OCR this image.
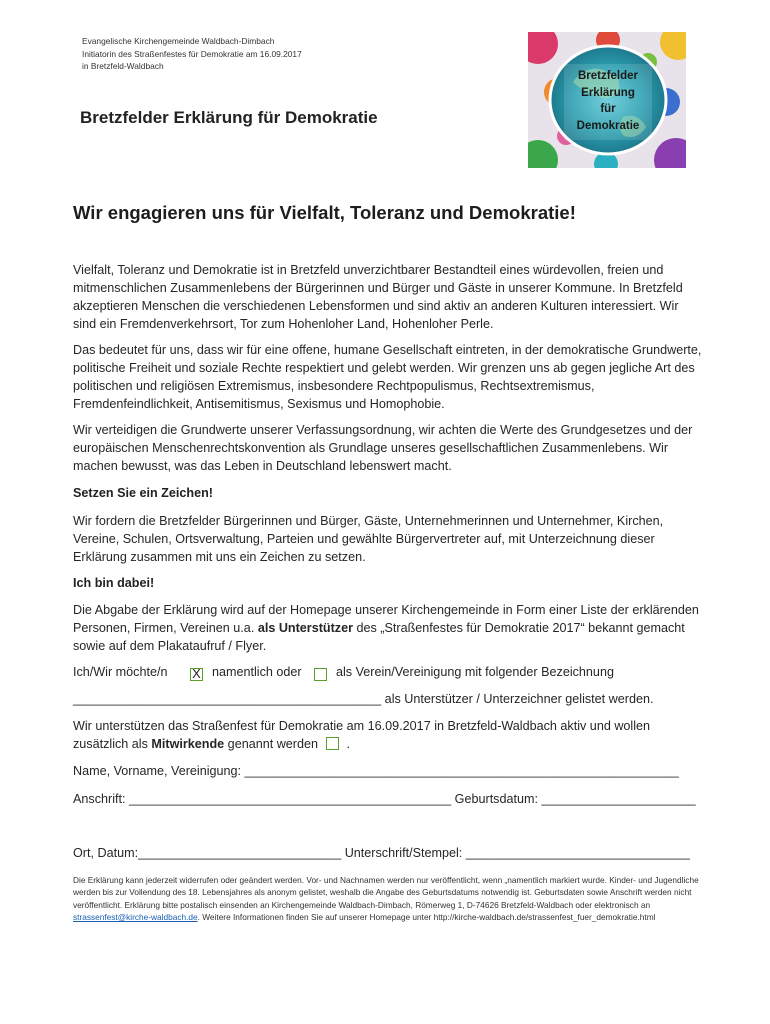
Evangelische Kirchengemeinde Waldbach-Dimbach
Initiatorin des Straßenfestes für Demokratie am 16.09.2017
in Bretzfeld-Waldbach
Bretzfelder Erklärung für Demokratie
Bretzfelder
Erklärung
für
Demokratie
Wir engagieren uns für Vielfalt, Toleranz und Demokratie!
Vielfalt, Toleranz und Demokratie ist in Bretzfeld unverzichtbarer Bestandteil eines würdevollen, freien und mitmenschlichen Zusammenlebens der Bürgerinnen und Bürger und Gäste in unserer Kommune. In Bretzfeld akzeptieren Menschen die verschiedenen Lebensformen und sind aktiv an anderen Kulturen interessiert. Wir sind ein Fremdenverkehrsort, Tor zum Hohenloher Land, Hohenloher Perle.
Das bedeutet für uns, dass wir für eine offene, humane Gesellschaft eintreten, in der demokratische Grundwerte, politische Freiheit und soziale Rechte respektiert und gelebt werden. Wir grenzen uns ab gegen jegliche Art des politischen und religiösen Extremismus, insbesondere Rechtpopulismus, Rechtsextremismus, Fremdenfeindlichkeit, Antisemitismus, Sexismus und Homophobie.
Wir verteidigen die Grundwerte unserer Verfassungsordnung, wir achten die Werte des Grundgesetzes und der europäischen Menschenrechtskonvention als Grundlage unseres gesellschaftlichen Zusammenlebens. Wir machen bewusst, was das Leben in Deutschland lebenswert macht.
Setzen Sie ein Zeichen!
Wir fordern die Bretzfelder Bürgerinnen und Bürger, Gäste, Unternehmerinnen und Unternehmer, Kirchen, Vereine, Schulen, Ortsverwaltung, Parteien und gewählte Bürgervertreter auf, mit Unterzeichnung dieser Erklärung zusammen mit uns ein Zeichen zu setzen.
Ich bin dabei!
Die Abgabe der Erklärung wird auf der Homepage unserer Kirchengemeinde in Form einer Liste der erklärenden Personen, Firmen, Vereinen u.a. als Unterstützer des „Straßenfestes für Demokratie 2017“ bekannt gemacht sowie auf dem Plakataufruf / Flyer.
Ich/Wir möchte/n X namentlich oder	als Verein/Vereinigung mit folgender Bezeichnung
____________________________________________ als Unterstützer / Unterzeichner gelistet werden.
Wir unterstützen das Straßenfest für Demokratie am 16.09.2017 in Bretzfeld-Waldbach aktiv und wollen
zusätzlich als Mitwirkende genannt werden .
Name, Vorname, Vereinigung: ______________________________________________________________
Anschrift: ______________________________________________ Geburtsdatum: ______________________
Ort, Datum:_____________________________ Unterschrift/Stempel: ________________________________
Die Erklärung kann jederzeit widerrufen oder geändert werden. Vor- und Nachnamen werden nur veröffentlicht, wenn „namentlich markiert wurde. Kinder- und Jugendliche werden bis zur Vollendung des 18. Lebensjahres als anonym gelistet, weshalb die Angabe des Geburtsdatums notwendig ist. Geburtsdaten sowie Anschrift werden nicht veröffentlicht. Erklärung bitte postalisch einsenden an Kirchengemeinde Waldbach-Dimbach, Römerweg 1, D-74626 Bretzfeld-Waldbach oder elektronisch an strassenfest@kirche-waldbach.de. Weitere Informationen finden Sie auf unserer Homepage unter http://kirche-waldbach.de/strassenfest_fuer_demokratie.html
